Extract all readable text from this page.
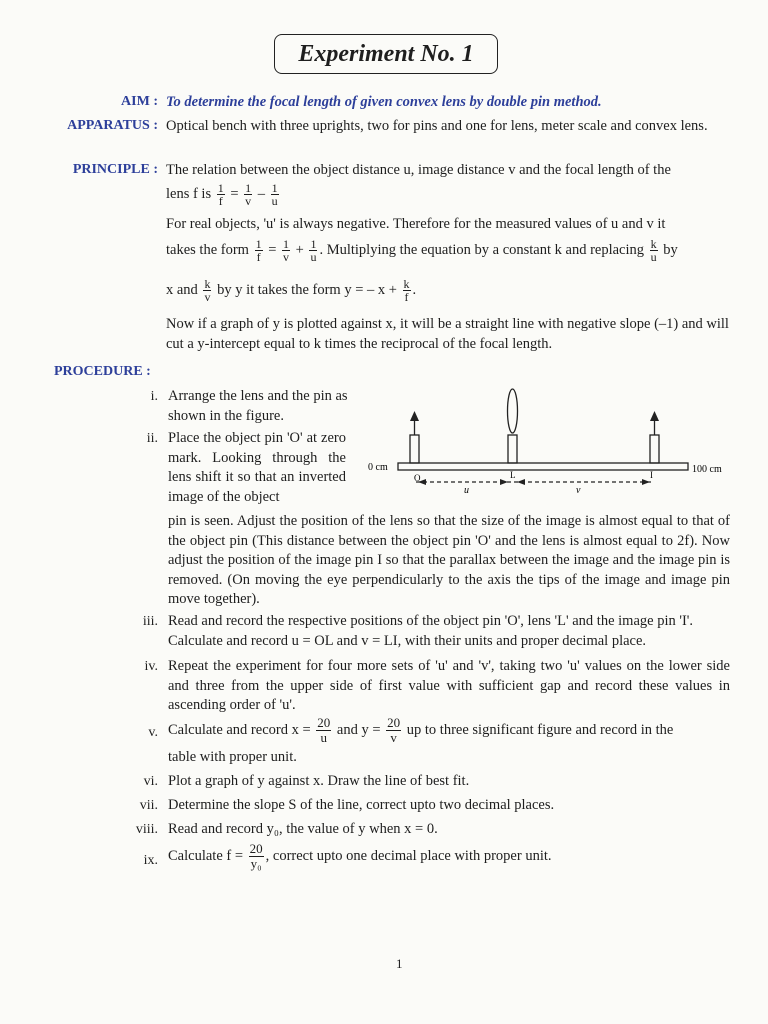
Experiment No. 1
AIM : To determine the focal length of given convex lens by double pin method.
APPARATUS : Optical bench with three uprights, two for pins and one for lens, meter scale and convex lens.
PRINCIPLE : The relation between the object distance u, image distance v and the focal length of the
lens f is $\frac{1}{f} = \frac{1}{v} - \frac{1}{u}$
For real objects, 'u' is always negative. Therefore for the measured values of u and v it
takes the form $\frac{1}{f} = \frac{1}{v} + \frac{1}{u}$ . Multiplying the equation by a constant k and replacing $\frac{k}{u}$ by
x and $\frac{k}{v}$ by y it takes the form y = – $x + \frac{k}{f}$ .
Now if a graph of y is plotted against x, it will be a straight line with negative slope (–1) and will cut a y-intercept equal to k times the reciprocal of the focal length.
PROCEDURE :
0 cm	100 cm
O	L	I
u	v
i. Arrange the lens and the pin as shown in the figure.
ii. Place the object pin 'O' at zero mark. Looking through the lens shift it so that an inverted image of the object
pin is seen. Adjust the position of the lens so that the size of the image is almost equal to that of the object pin (This distance between the object pin 'O' and the lens is almost equal to 2f). Now adjust the position of the image pin I so that the parallax between the image and the image pin is removed. (On moving the eye perpendicularly to the axis the tips of the image and image pin move together).
iii. Read and record the respective positions of the object pin 'O', lens 'L' and the image pin 'I'. Calculate and record u = OL and v = LI, with their units and proper decimal place.
iv. Repeat the experiment for four more sets of 'u' and 'v', taking two 'u' values on the lower side and three from the upper side of first value with sufficient gap and record these values in ascending order of 'u'.
v. Calculate and record $x = \frac{20}{u}$ and $y = \frac{20}{v}$ up to three significant figure and record in the
table with proper unit.
vi. Plot a graph of y against x. Draw the line of best fit.
vii. Determine the slope S of the line, correct upto two decimal places.
viii. Read and record y₀, the value of y when x = 0.
ix. Calculate $f = \frac{20}{\text{y₀}}$ , correct upto one decimal place with proper unit.
1
